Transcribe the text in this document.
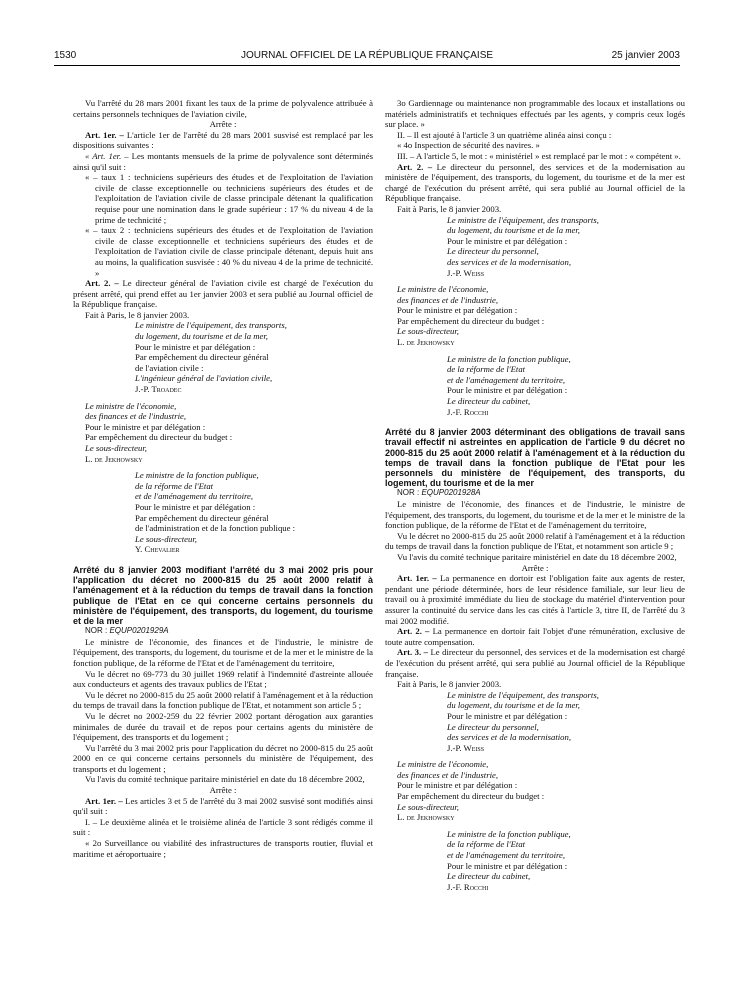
1530	JOURNAL OFFICIEL DE LA RÉPUBLIQUE FRANÇAISE	25 janvier 2003

Vu l'arrêté du 28 mars 2001 fixant les taux de la prime de polyvalence attribuée à certains personnels techniques de l'aviation civile,

Arrête :

Art. 1er. – L'article 1er de l'arrêté du 28 mars 2001 susvisé est remplacé par les dispositions suivantes :

« Art. 1er. – Les montants mensuels de la prime de polyvalence sont déterminés ainsi qu'il suit :

« – taux 1 : techniciens supérieurs des études et de l'exploitation de l'aviation civile de classe exceptionnelle ou techniciens supérieurs des études et de l'exploitation de l'aviation civile de classe principale détenant la qualification requise pour une nomination dans le grade supérieur : 17 % du niveau 4 de la prime de technicité ;

« – taux 2 : techniciens supérieurs des études et de l'exploitation de l'aviation civile de classe exceptionnelle et techniciens supérieurs des études et de l'exploitation de l'aviation civile de classe principale détenant, depuis huit ans au moins, la qualification susvisée : 40 % du niveau 4 de la prime de technicité. »

Art. 2. – Le directeur général de l'aviation civile est chargé de l'exécution du présent arrêté, qui prend effet au 1er janvier 2003 et sera publié au Journal officiel de la République française.

Fait à Paris, le 8 janvier 2003.

Le ministre de l'équipement, des transports,

du logement, du tourisme et de la mer,

Pour le ministre et par délégation :

Par empêchement du directeur général

de l'aviation civile :

L'ingénieur général de l'aviation civile,

J.-P. Troadec

Le ministre de l'économie,

des finances et de l'industrie,

Pour le ministre et par délégation :

Par empêchement du directeur du budget :

Le sous-directeur,

L. de Jekhowsky

Le ministre de la fonction publique,

de la réforme de l'Etat

et de l'aménagement du territoire,

Pour le ministre et par délégation :

Par empêchement du directeur général

de l'administration et de la fonction publique :

Le sous-directeur,

Y. Chevalier

Arrêté du 8 janvier 2003 modifiant l'arrêté du 3 mai 2002 pris pour l'application du décret no 2000-815 du 25 août 2000 relatif à l'aménagement et à la réduction du temps de travail dans la fonction publique de l'Etat en ce qui concerne certains personnels du ministère de l'équipement, des transports, du logement, du tourisme et de la mer

NOR : EQUP0201929A

Le ministre de l'économie, des finances et de l'industrie, le ministre de l'équipement, des transports, du logement, du tourisme et de la mer et le ministre de la fonction publique, de la réforme de l'Etat et de l'aménagement du territoire,

Vu le décret no 69-773 du 30 juillet 1969 relatif à l'indemnité d'astreinte allouée aux conducteurs et agents des travaux publics de l'Etat ;

Vu le décret no 2000-815 du 25 août 2000 relatif à l'aménagement et à la réduction du temps de travail dans la fonction publique de l'Etat, et notamment son article 5 ;

Vu le décret no 2002-259 du 22 février 2002 portant dérogation aux garanties minimales de durée du travail et de repos pour certains agents du ministère de l'équipement, des transports et du logement ;

Vu l'arrêté du 3 mai 2002 pris pour l'application du décret no 2000-815 du 25 août 2000 en ce qui concerne certains personnels du ministère de l'équipement, des transports et du logement ;

Vu l'avis du comité technique paritaire ministériel en date du 18 décembre 2002,

Arrête :

Art. 1er. – Les articles 3 et 5 de l'arrêté du 3 mai 2002 susvisé sont modifiés ainsi qu'il suit :

I. – Le deuxième alinéa et le troisième alinéa de l'article 3 sont rédigés comme il suit :

« 2o Surveillance ou viabilité des infrastructures de transports routier, fluvial et maritime et aéroportuaire ;

3o Gardiennage ou maintenance non programmable des locaux et installations ou matériels administratifs et techniques effectués par les agents, y compris ceux logés sur place. »

II. – Il est ajouté à l'article 3 un quatrième alinéa ainsi conçu :

« 4o Inspection de sécurité des navires. »

III. – A l'article 5, le mot : « ministériel » est remplacé par le mot : « compétent ».

Art. 2. – Le directeur du personnel, des services et de la modernisation au ministère de l'équipement, des transports, du logement, du tourisme et de la mer est chargé de l'exécution du présent arrêté, qui sera publié au Journal officiel de la République française.

Fait à Paris, le 8 janvier 2003.

Le ministre de l'équipement, des transports,

du logement, du tourisme et de la mer,

Pour le ministre et par délégation :

Le directeur du personnel,

des services et de la modernisation,

J.-P. Weiss

Le ministre de l'économie,

des finances et de l'industrie,

Pour le ministre et par délégation :

Par empêchement du directeur du budget :

Le sous-directeur,

L. de Jekhowsky

Le ministre de la fonction publique,

de la réforme de l'Etat

et de l'aménagement du territoire,

Pour le ministre et par délégation :

Le directeur du cabinet,

J.-F. Rocchi

Arrêté du 8 janvier 2003 déterminant des obligations de travail sans travail effectif ni astreintes en application de l'article 9 du décret no 2000-815 du 25 août 2000 relatif à l'aménagement et à la réduction du temps de travail dans la fonction publique de l'Etat pour les personnels du ministère de l'équipement, des transports, du logement, du tourisme et de la mer

NOR : EQUP0201928A

Le ministre de l'économie, des finances et de l'industrie, le ministre de l'équipement, des transports, du logement, du tourisme et de la mer et le ministre de la fonction publique, de la réforme de l'Etat et de l'aménagement du territoire,

Vu le décret no 2000-815 du 25 août 2000 relatif à l'aménagement et à la réduction du temps de travail dans la fonction publique de l'Etat, et notamment son article 9 ;

Vu l'avis du comité technique paritaire ministériel en date du 18 décembre 2002,

Arrête :

Art. 1er. – La permanence en dortoir est l'obligation faite aux agents de rester, pendant une période déterminée, hors de leur résidence familiale, sur leur lieu de travail ou à proximité immédiate du lieu de stockage du matériel d'intervention pour assurer la continuité du service dans les cas cités à l'article 3, titre II, de l'arrêté du 3 mai 2002 modifié.

Art. 2. – La permanence en dortoir fait l'objet d'une rémunération, exclusive de toute autre compensation.

Art. 3. – Le directeur du personnel, des services et de la modernisation est chargé de l'exécution du présent arrêté, qui sera publié au Journal officiel de la République française.

Fait à Paris, le 8 janvier 2003.

Le ministre de l'équipement, des transports,

du logement, du tourisme et de la mer,

Pour le ministre et par délégation :

Le directeur du personnel,

des services et de la modernisation,

J.-P. Weiss

Le ministre de l'économie,

des finances et de l'industrie,

Pour le ministre et par délégation :

Par empêchement du directeur du budget :

Le sous-directeur,

L. de Jekhowsky

Le ministre de la fonction publique,

de la réforme de l'Etat

et de l'aménagement du territoire,

Pour le ministre et par délégation :

Le directeur du cabinet,

J.-F. Rocchi
